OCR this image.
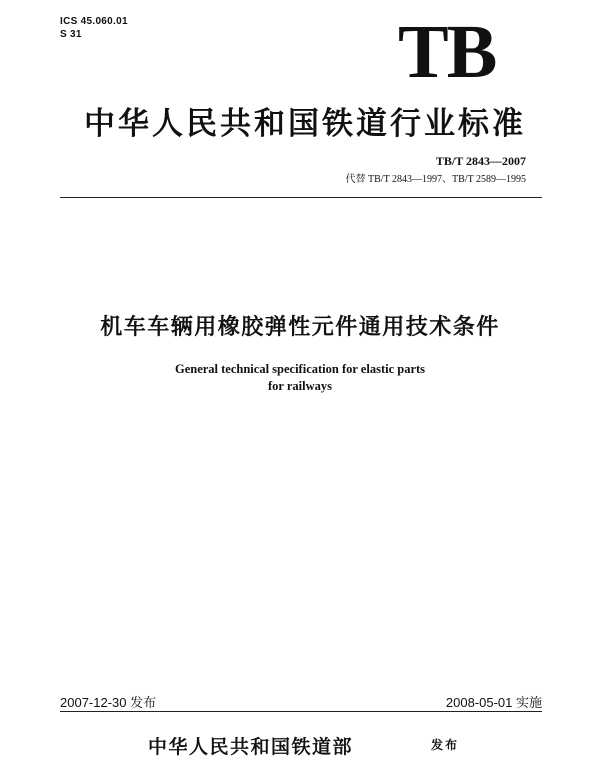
ICS 45.060.01
S 31	TB
中华人民共和国铁道行业标准
TB/T 2843—2007
代替 TB/T 2843—1997、TB/T 2589—1995
机车车辆用橡胶弹性元件通用技术条件
General technical specification for elastic parts
for railways
2007-12-30 发布	2008-05-01 实施
中华人民共和国铁道部	发布
